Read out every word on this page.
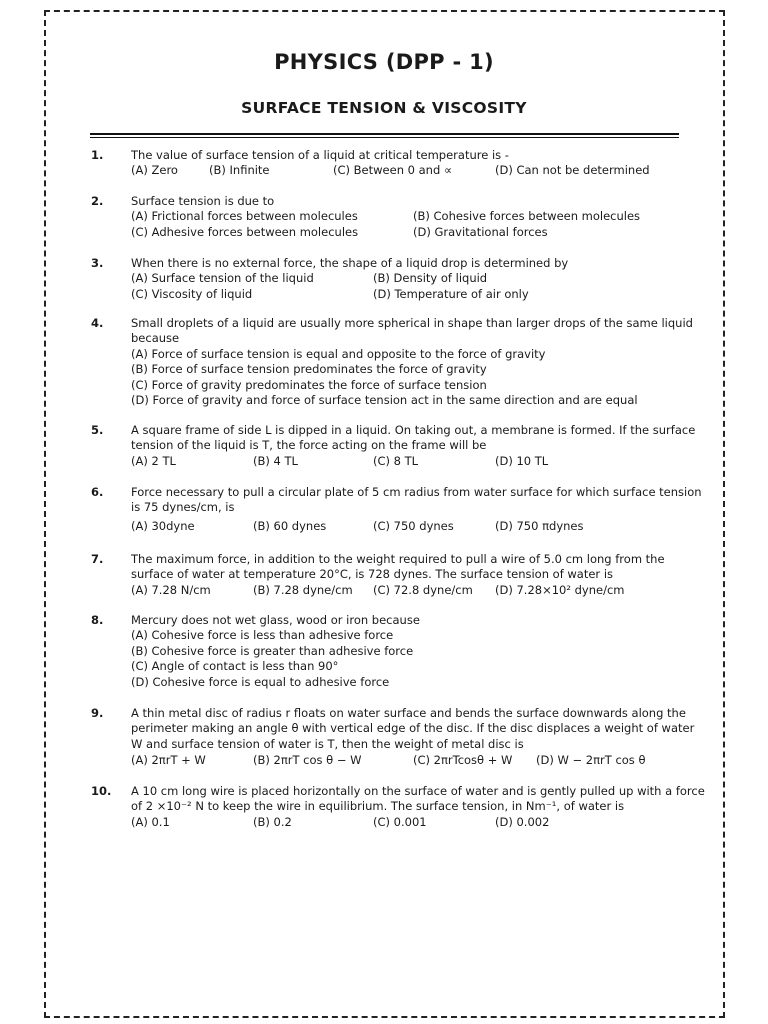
PHYSICS (DPP - 1)
SURFACE TENSION & VISCOSITY
1. The value of surface tension of a liquid at critical temperature is -
(A) Zero	(B) Infinite	(C) Between 0 and ∝	(D) Can not be determined
2. Surface tension is due to
(A) Frictional forces between molecules	(B) Cohesive forces between molecules
(C) Adhesive forces between molecules	(D) Gravitational forces
3. When there is no external force, the shape of a liquid drop is determined by
(A) Surface tension of the liquid	(B) Density of liquid
(C) Viscosity of liquid	(D) Temperature of air only
4. Small droplets of a liquid are usually more spherical in shape than larger drops of the same liquid
because
(A) Force of surface tension is equal and opposite to the force of gravity
(B) Force of surface tension predominates the force of gravity
(C) Force of gravity predominates the force of surface tension
(D) Force of gravity and force of surface tension act in the same direction and are equal
5. A square frame of side L is dipped in a liquid. On taking out, a membrane is formed. If the surface
tension of the liquid is T, the force acting on the frame will be
(A) 2 TL	(B) 4 TL	(C) 8 TL	(D) 10 TL
6. Force necessary to pull a circular plate of 5 cm radius from water surface for which surface tension
is 75 dynes/cm, is
(A) 30dyne	(B) 60 dynes	(C) 750 dynes	(D) 750 πdynes
7. The maximum force, in addition to the weight required to pull a wire of 5.0 cm long from the
surface of water at temperature 20°C, is 728 dynes. The surface tension of water is
(A) 7.28 N/cm	(B) 7.28 dyne/cm (C) 72.8 dyne/cm (D) 7.28×10² dyne/cm
8. Mercury does not wet glass, wood or iron because
(A) Cohesive force is less than adhesive force
(B) Cohesive force is greater than adhesive force
(C) Angle of contact is less than 90°
(D) Cohesive force is equal to adhesive force
9. A thin metal disc of radius r floats on water surface and bends the surface downwards along the
perimeter making an angle θ with vertical edge of the disc. If the disc displaces a weight of water
W and surface tension of water is T, then the weight of metal disc is
(A) 2πrT + W	(B) 2πrT cos θ − W	(C) 2πrTcosθ + W (D) W − 2πrT cos θ
10. A 10 cm long wire is placed horizontally on the surface of water and is gently pulled up with a force
of 2 ×10⁻² N to keep the wire in equilibrium. The surface tension, in Nm⁻¹, of water is
(A) 0.1	(B) 0.2	(C) 0.001	(D) 0.002
